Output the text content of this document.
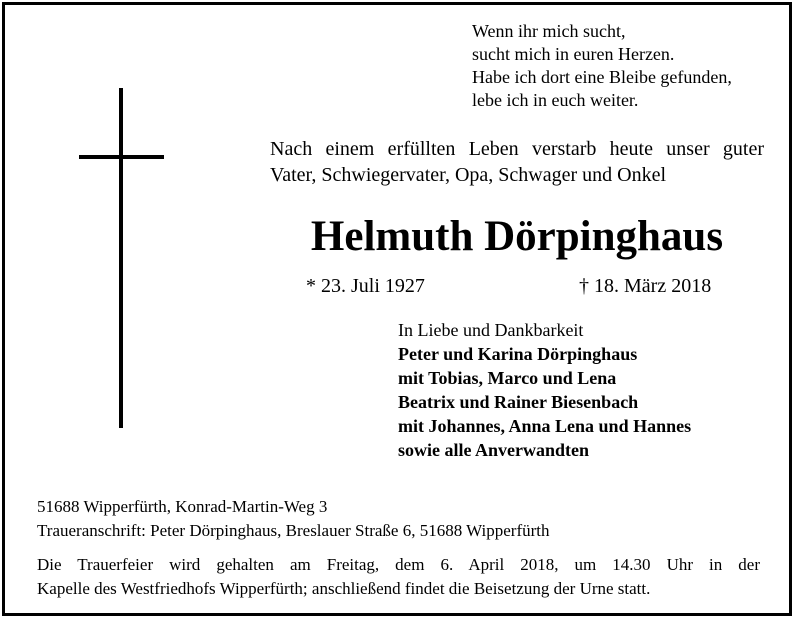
Wenn ihr mich sucht,
sucht mich in euren Herzen.
Habe ich dort eine Bleibe gefunden,
lebe ich in euch weiter.
Nach einem erfüllten Leben verstarb heute unser guter
Vater, Schwiegervater, Opa, Schwager und Onkel
Helmuth Dörpinghaus
* 23. Juli 1927	† 18. März 2018
In Liebe und Dankbarkeit
Peter und Karina Dörpinghaus
mit Tobias, Marco und Lena
Beatrix und Rainer Biesenbach
mit Johannes, Anna Lena und Hannes
sowie alle Anverwandten
51688 Wipperfürth, Konrad-Martin-Weg 3
Traueranschrift: Peter Dörpinghaus, Breslauer Straße 6, 51688 Wipperfürth
Die Trauerfeier wird gehalten am Freitag, dem 6. April 2018, um 14.30 Uhr in der
Kapelle des Westfriedhofs Wipperfürth; anschließend findet die Beisetzung der Urne statt.
